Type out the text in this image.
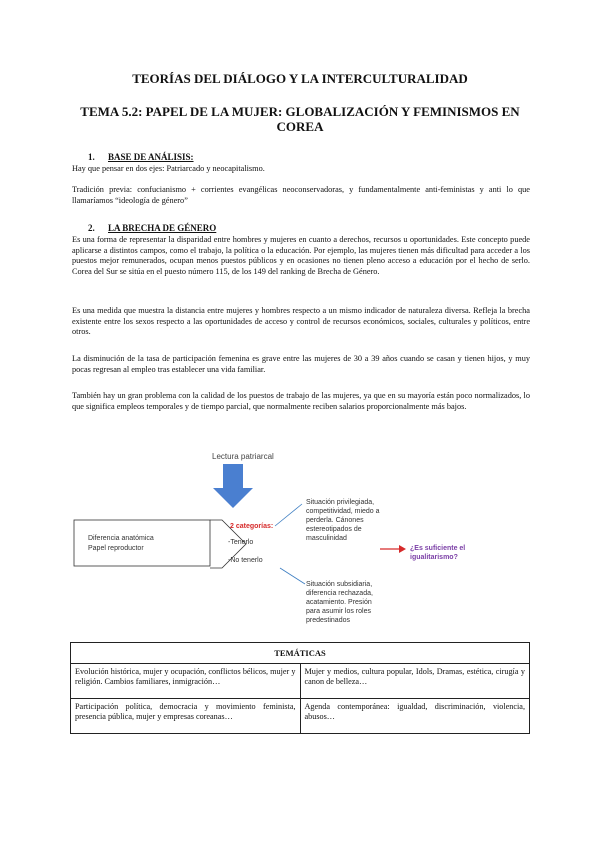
TEORÍAS DEL DIÁLOGO Y LA INTERCULTURALIDAD
TEMA 5.2: PAPEL DE LA MUJER: GLOBALIZACIÓN Y FEMINISMOS EN COREA
1. BASE DE ANÁLISIS:
Hay que pensar en dos ejes: Patriarcado y neocapitalismo.
Tradición previa: confucianismo + corrientes evangélicas neoconservadoras, y fundamentalmente anti-feministas y anti lo que llamaríamos “ideología de género”
2. LA BRECHA DE GÉNERO
Es una forma de representar la disparidad entre hombres y mujeres en cuanto a derechos, recursos u oportunidades. Este concepto puede aplicarse a distintos campos, como el trabajo, la política o la educación. Por ejemplo, las mujeres tienen más dificultad para acceder a los puestos mejor remunerados, ocupan menos puestos públicos y en ocasiones no tienen pleno acceso a educación por el hecho de serlo. Corea del Sur se sitúa en el puesto número 115, de los 149 del ranking de Brecha de Género.
Es una medida que muestra la distancia entre mujeres y hombres respecto a un mismo indicador de naturaleza diversa. Refleja la brecha existente entre los sexos respecto a las oportunidades de acceso y control de recursos económicos, sociales, culturales y políticos, entre otros.
La disminución de la tasa de participación femenina es grave entre las mujeres de 30 a 39 años cuando se casan y tienen hijos, y muy pocas regresan al empleo tras establecer una vida familiar.
También hay un gran problema con la calidad de los puestos de trabajo de las mujeres, ya que en su mayoría están poco normalizados, lo que significa empleos temporales y de tiempo parcial, que normalmente reciben salarios proporcionalmente más bajos.
Lectura patriarcal
Diferencia anatómica
Papel reproductor
2 categorías:
-Tenerlo
-No tenerlo
Situación privilegiada, competitividad, miedo a perderla. Cánones estereotipados de masculinidad
Situación subsidiaria, diferencia rechazada, acatamiento. Presión para asumir los roles predestinados
¿Es suficiente el igualitarismo?
TEMÁTICAS	
Evolución histórica, mujer y ocupación, conflictos bélicos, mujer y religión. Cambios familiares, inmigración…	Mujer y medios, cultura popular, Idols, Dramas, estética, cirugía y canon de belleza…
Participación política, democracia y movimiento feminista, presencia pública, mujer y empresas coreanas…	Agenda contemporánea: igualdad, discriminación, violencia, abusos…
